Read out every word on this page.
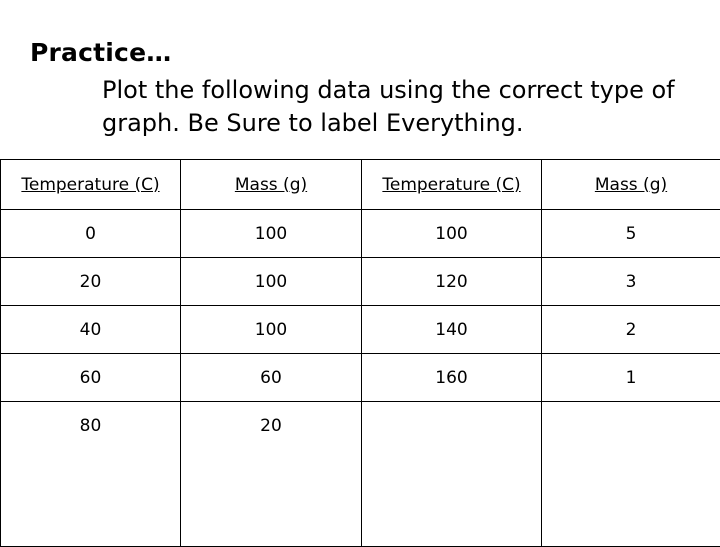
Practice…
Plot the following data using the correct type of graph. Be Sure to label Everything.
Temperature (C)	Mass (g)	Temperature (C)	Mass (g)
0	100	100	5
20	100	120	3
40	100	140	2
60	60	160	1
80	20		
